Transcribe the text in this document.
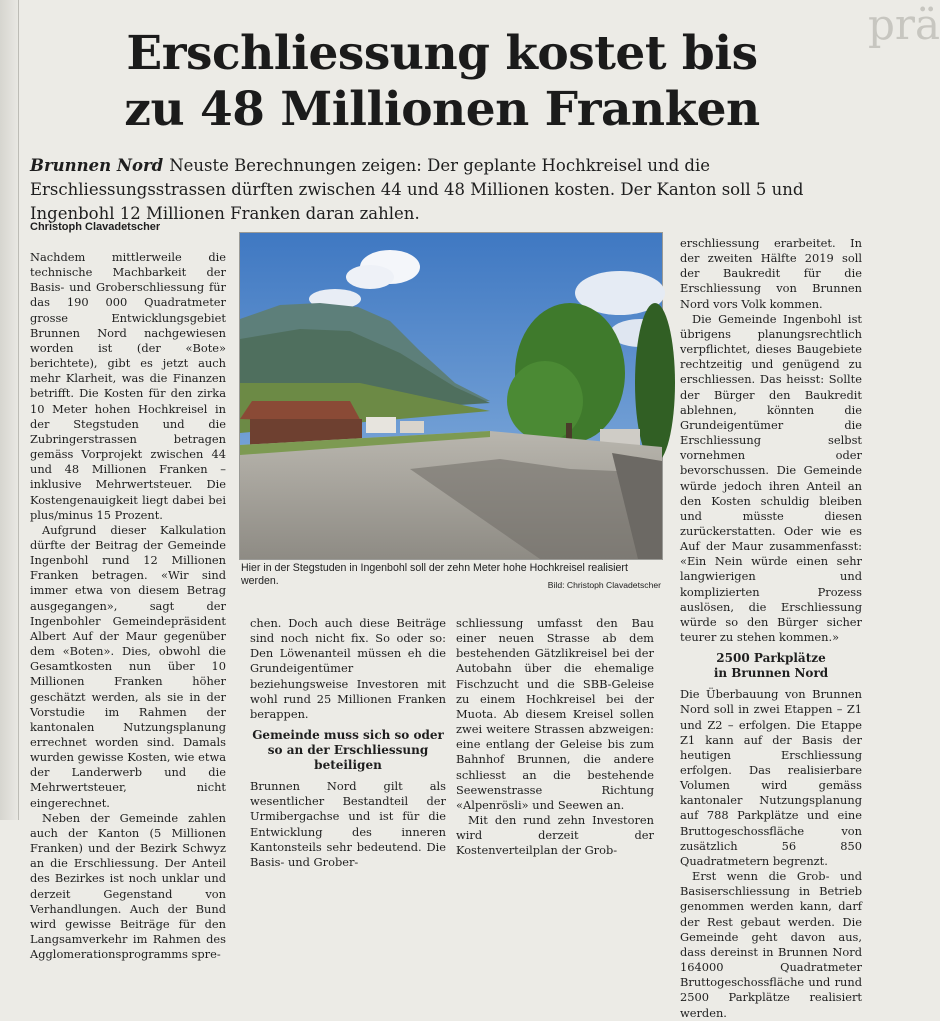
prä
Erschliessung kostet bis
zu 48 Millionen Franken
Brunnen Nord Neuste Berechnungen zeigen: Der geplante Hochkreisel und die Erschliessungsstrassen dürften zwischen 44 und 48 Millionen kosten. Der Kanton soll 5 und Ingenbohl 12 Millionen Franken daran zahlen.
Christoph Clavadetscher

Nachdem mittlerweile die technische Machbarkeit der Basis- und Groberschliessung für das 190 000 Quadratmeter grosse Entwicklungsgebiet Brunnen Nord nachgewiesen worden ist (der «Bote» berichtete), gibt es jetzt auch mehr Klarheit, was die Finanzen betrifft. Die Kosten für den zirka 10 Meter hohen Hochkreisel in der Stegstuden und die Zubringerstrassen betragen gemäss Vorprojekt zwischen 44 und 48 Millionen Franken – inklusive Mehrwertsteuer. Die Kostengenauigkeit liegt dabei bei plus/minus 15 Prozent.

Aufgrund dieser Kalkulation dürfte der Beitrag der Gemeinde Ingenbohl rund 12 Millionen Franken betragen. «Wir sind immer etwa von diesem Betrag ausgegangen», sagt der Ingenbohler Gemeindepräsident Albert Auf der Maur gegenüber dem «Boten». Dies, obwohl die Gesamtkosten nun über 10 Millionen Franken höher geschätzt werden, als sie in der Vorstudie im Rahmen der kantonalen Nutzungsplanung errechnet worden sind. Damals wurden gewisse Kosten, wie etwa der Landerwerb und die Mehrwertsteuer, nicht eingerechnet.

Neben der Gemeinde zahlen auch der Kanton (5 Millionen Franken) und der Bezirk Schwyz an die Erschliessung. Der Anteil des Bezirkes ist noch unklar und derzeit Gegenstand von Verhandlungen. Auch der Bund wird gewisse Beiträge für den Langsamverkehr im Rahmen des Agglomerationsprogramms spre-

Hier in der Stegstuden in Ingenbohl soll der zehn Meter hohe Hochkreisel realisiert werden.	Bild: Christoph Clavadetscher

chen. Doch auch diese Beiträge sind noch nicht fix. So oder so: Den Löwenanteil müssen eh die Grundeigentümer beziehungsweise Investoren mit wohl rund 25 Millionen Franken berappen.

Gemeinde muss sich so oder so an der Erschliessung beteiligen

Brunnen Nord gilt als wesentlicher Bestandteil der Urmibergachse und ist für die Entwicklung des inneren Kantonsteils sehr bedeutend. Die Basis- und Grober-

schliessung umfasst den Bau einer neuen Strasse ab dem bestehenden Gätzlikreisel bei der Autobahn über die ehemalige Fischzucht und die SBB-Geleise zu einem Hochkreisel bei der Muota. Ab diesem Kreisel sollen zwei weitere Strassen abzweigen: eine entlang der Geleise bis zum Bahnhof Brunnen, die andere schliesst an die bestehende Seewenstrasse Richtung «Alpenrösli» und Seewen an.

Mit den rund zehn Investoren wird derzeit der Kostenverteilplan der Grob-

erschliessung erarbeitet. In der zweiten Hälfte 2019 soll der Baukredit für die Erschliessung von Brunnen Nord vors Volk kommen.

Die Gemeinde Ingenbohl ist übrigens planungsrechtlich verpflichtet, dieses Baugebiete rechtzeitig und genügend zu erschliessen. Das heisst: Sollte der Bürger den Baukredit ablehnen, könnten die Grundeigentümer die Erschliessung selbst vornehmen oder bevorschussen. Die Gemeinde würde jedoch ihren Anteil an den Kosten schuldig bleiben und müsste diesen zurückerstatten. Oder wie es Auf der Maur zusammenfasst: «Ein Nein würde einen sehr langwierigen und komplizierten Prozess auslösen, die Erschliessung würde so den Bürger sicher teurer zu stehen kommen.»

2500 Parkplätze
in Brunnen Nord

Die Überbauung von Brunnen Nord soll in zwei Etappen – Z1 und Z2 – erfolgen. Die Etappe Z1 kann auf der Basis der heutigen Erschliessung erfolgen. Das realisierbare Volumen wird gemäss kantonaler Nutzungsplanung auf 788 Parkplätze und eine Bruttogeschossfläche von zusätzlich 56 850 Quadratmetern begrenzt.

Erst wenn die Grob- und Basiserschliessung in Betrieb genommen werden kann, darf der Rest gebaut werden. Die Gemeinde geht davon aus, dass dereinst in Brunnen Nord 164000 Quadratmeter Bruttogeschossfläche und rund 2500 Parkplätze realisiert werden.
